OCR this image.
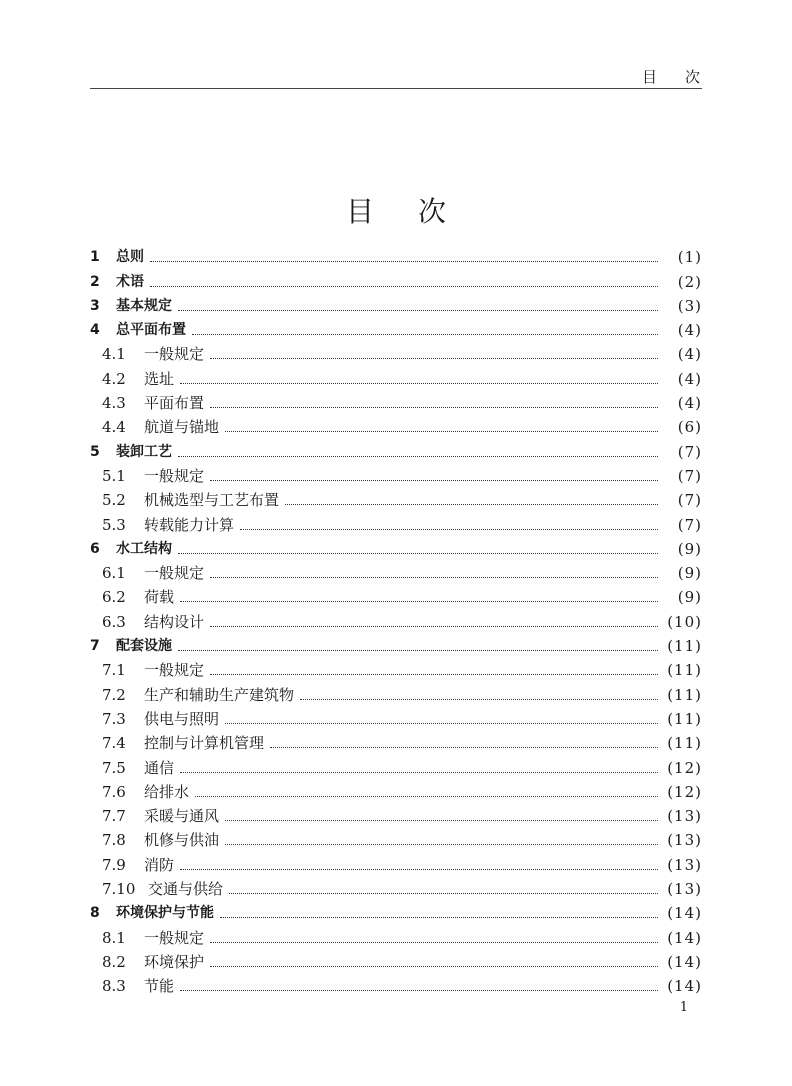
目次
目次
1	总则	(1)
2	术语	(2)
3	基本规定	(3)
4	总平面布置	(4)
4.1	一般规定	(4)
4.2	选址	(4)
4.3	平面布置	(4)
4.4	航道与锚地	(6)
5	装卸工艺	(7)
5.1	一般规定	(7)
5.2	机械选型与工艺布置	(7)
5.3	转载能力计算	(7)
6	水工结构	(9)
6.1	一般规定	(9)
6.2	荷载	(9)
6.3	结构设计	(10)
7	配套设施	(11)
7.1	一般规定	(11)
7.2	生产和辅助生产建筑物	(11)
7.3	供电与照明	(11)
7.4	控制与计算机管理	(11)
7.5	通信	(12)
7.6	给排水	(12)
7.7	采暖与通风	(13)
7.8	机修与供油	(13)
7.9	消防	(13)
7.10 交通与供给	(13)
8	环境保护与节能	(14)
8.1	一般规定	(14)
8.2	环境保护	(14)
8.3	节能	(14)
1
